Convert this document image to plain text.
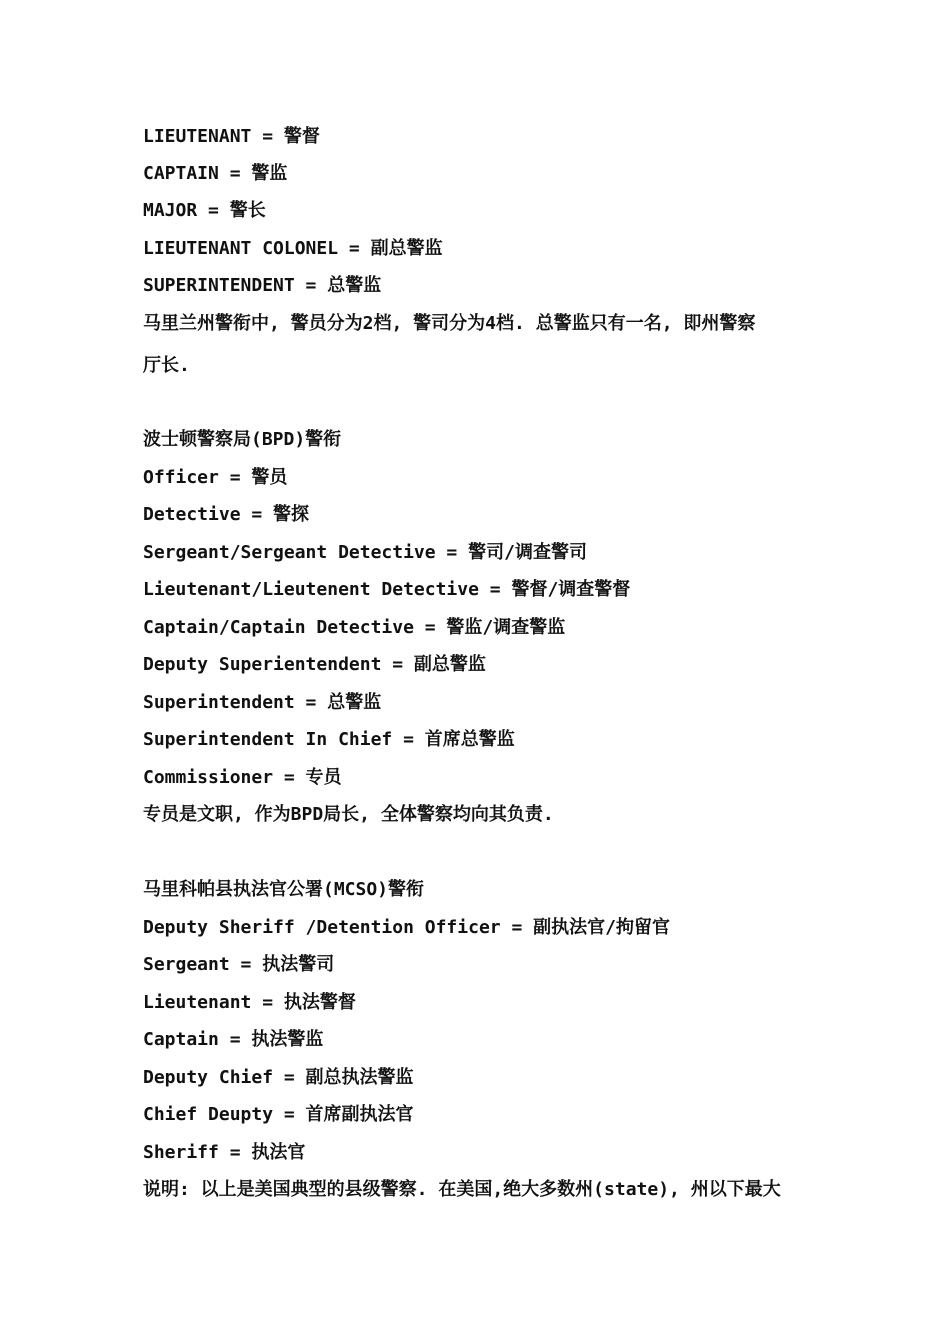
LIEUTENANT = 警督
CAPTAIN = 警监
MAJOR = 警长
LIEUTENANT COLONEL = 副总警监
SUPERINTENDENT = 总警监
马里兰州警衔中, 警员分为2档, 警司分为4档. 总警监只有一名, 即州警察
厅长.
波士顿警察局(BPD)警衔
Officer = 警员
Detective = 警探
Sergeant/Sergeant Detective = 警司/调查警司
Lieutenant/Lieutenent Detective = 警督/调查警督
Captain/Captain Detective = 警监/调查警监
Deputy Superientendent = 副总警监
Superintendent = 总警监
Superintendent In Chief = 首席总警监
Commissioner = 专员
专员是文职, 作为BPD局长, 全体警察均向其负责.
马里科帕县执法官公署(MCSO)警衔
Deputy Sheriff /Detention Officer = 副执法官/拘留官
Sergeant = 执法警司
Lieutenant = 执法警督
Captain = 执法警监
Deputy Chief = 副总执法警监
Chief Deupty = 首席副执法官
Sheriff = 执法官
说明: 以上是美国典型的县级警察. 在美国,绝大多数州(state), 州以下最大
